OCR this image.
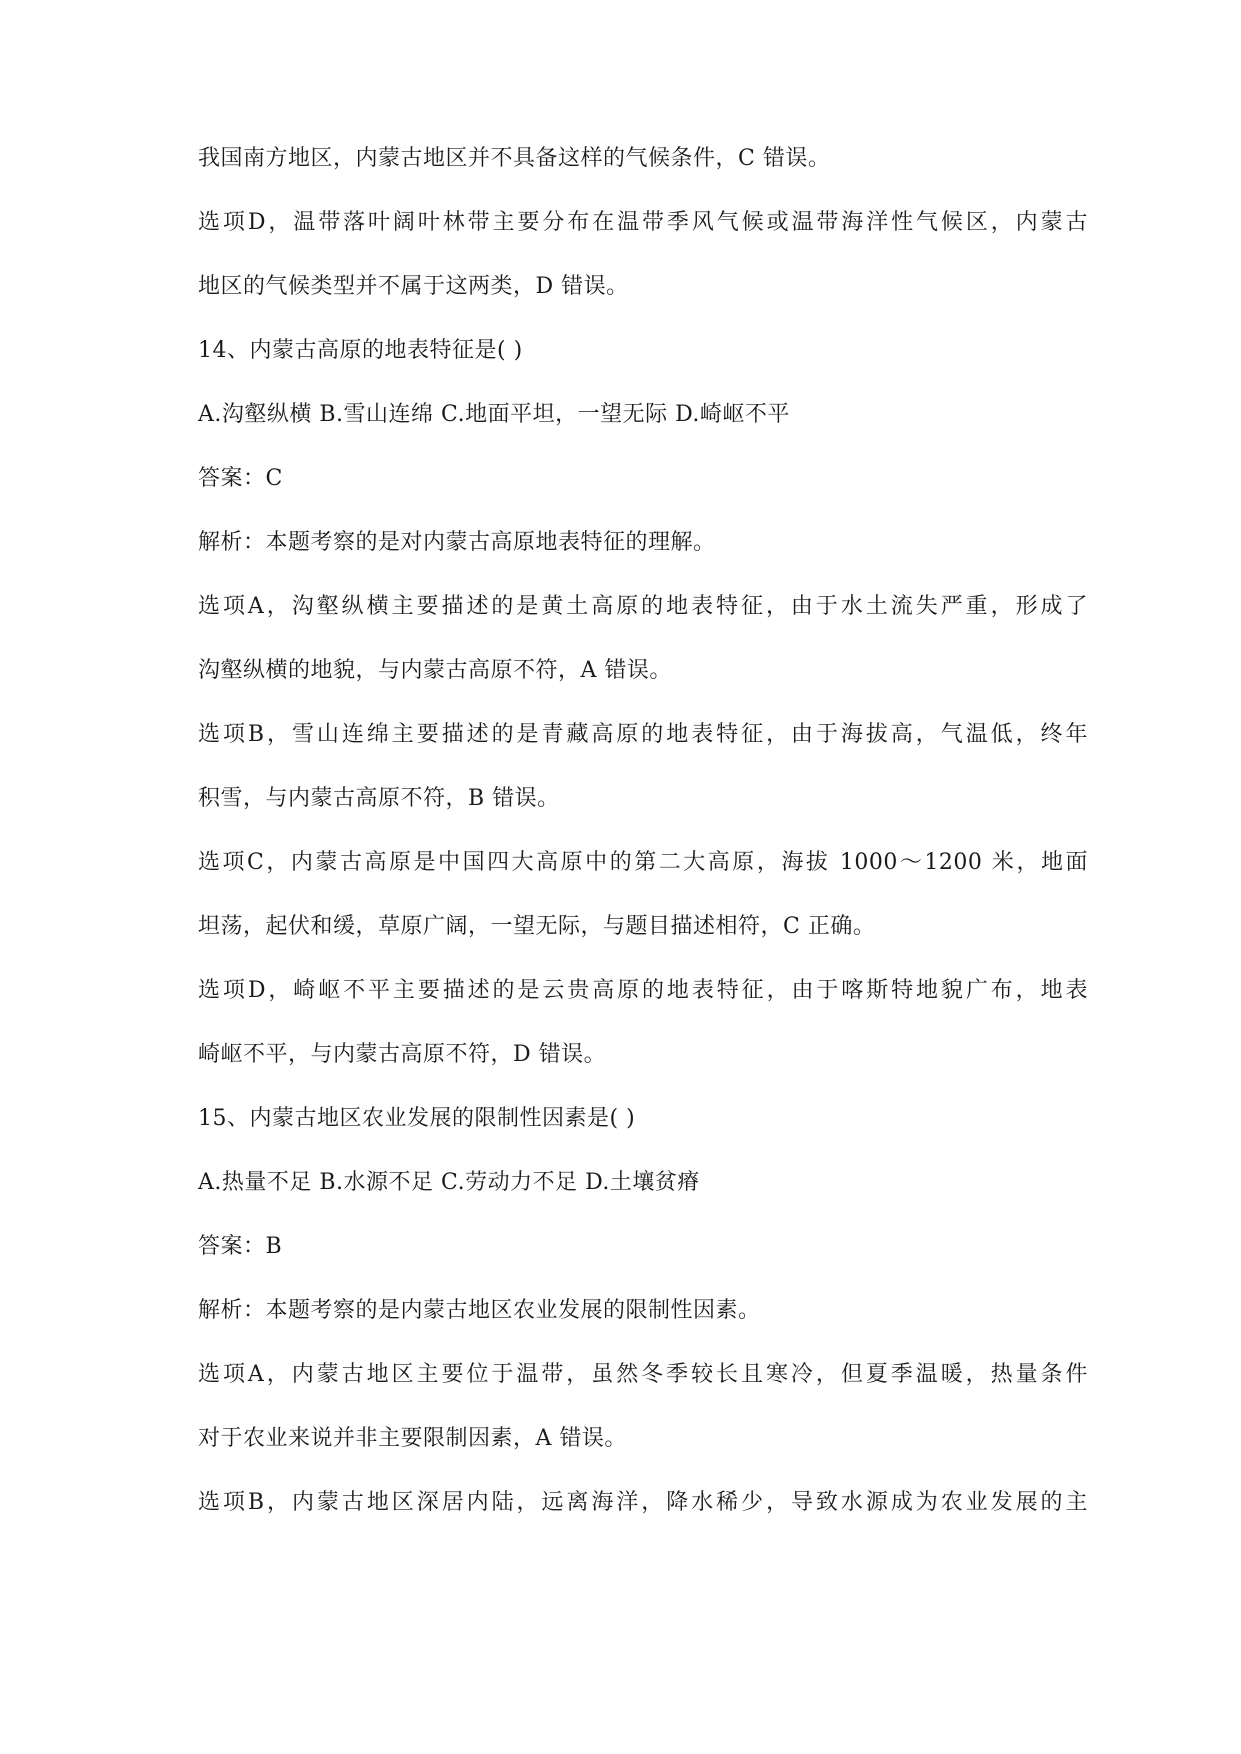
我国南方地区，内蒙古地区并不具备这样的气候条件，C 错误。
选项D，温带落叶阔叶林带主要分布在温带季风气候或温带海洋性气候区，内蒙古
地区的气候类型并不属于这两类，D 错误。
14、内蒙古高原的地表特征是( )
A.沟壑纵横 B.雪山连绵 C.地面平坦，一望无际 D.崎岖不平
答案：C
解析：本题考察的是对内蒙古高原地表特征的理解。
选项A，沟壑纵横主要描述的是黄土高原的地表特征，由于水土流失严重，形成了
沟壑纵横的地貌，与内蒙古高原不符，A 错误。
选项B，雪山连绵主要描述的是青藏高原的地表特征，由于海拔高，气温低，终年
积雪，与内蒙古高原不符，B 错误。
选项C，内蒙古高原是中国四大高原中的第二大高原，海拔 1000～1200 米，地面
坦荡，起伏和缓，草原广阔，一望无际，与题目描述相符，C 正确。
选项D，崎岖不平主要描述的是云贵高原的地表特征，由于喀斯特地貌广布，地表
崎岖不平，与内蒙古高原不符，D 错误。
15、内蒙古地区农业发展的限制性因素是( )
A.热量不足 B.水源不足 C.劳动力不足 D.土壤贫瘠
答案：B
解析：本题考察的是内蒙古地区农业发展的限制性因素。
选项A，内蒙古地区主要位于温带，虽然冬季较长且寒冷，但夏季温暖，热量条件
对于农业来说并非主要限制因素，A 错误。
选项B，内蒙古地区深居内陆，远离海洋，降水稀少，导致水源成为农业发展的主
